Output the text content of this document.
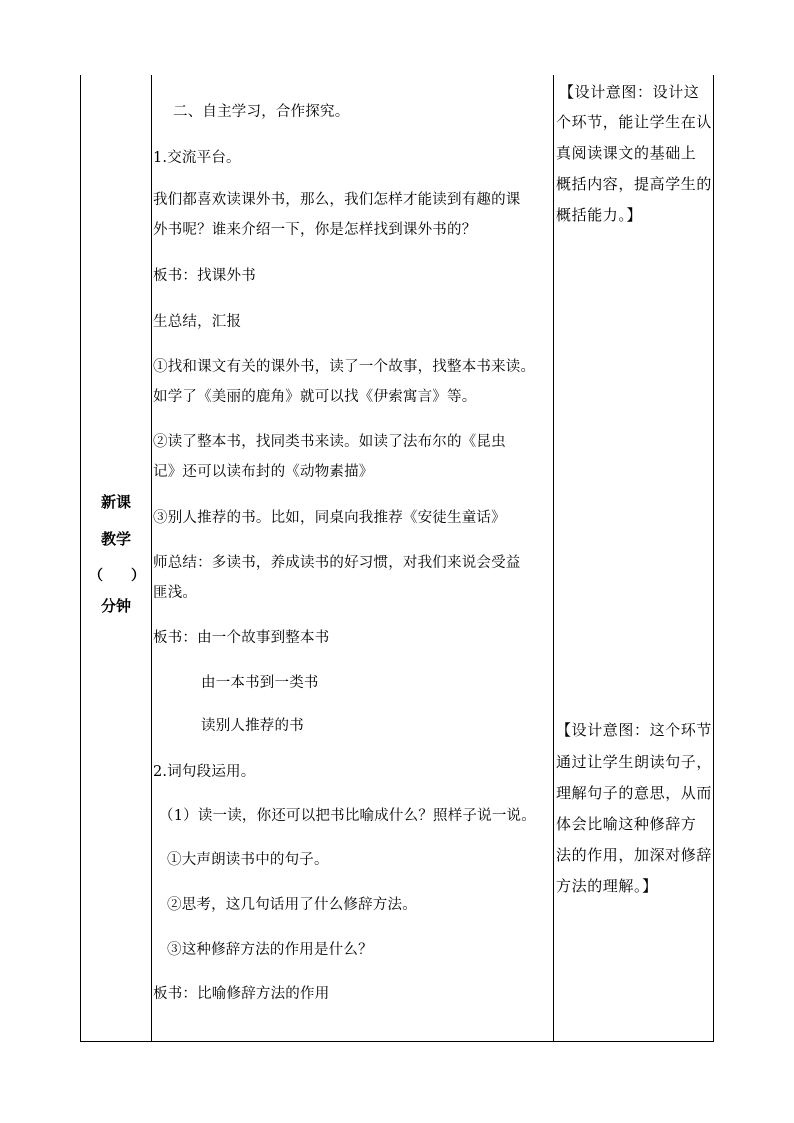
新课
教学
（ ）
分钟
二、自主学习，合作探究。
1.交流平台。
我们都喜欢读课外书，那么，我们怎样才能读到有趣的课
外书呢？谁来介绍一下，你是怎样找到课外书的？
板书：找课外书
生总结，汇报
①找和课文有关的课外书，读了一个故事，找整本书来读。
如学了《美丽的鹿角》就可以找《伊索寓言》等。
②读了整本书，找同类书来读。如读了法布尔的《昆虫
记》还可以读布封的《动物素描》
③别人推荐的书。比如，同桌向我推荐《安徒生童话》
师总结：多读书，养成读书的好习惯，对我们来说会受益
匪浅。
板书：由一个故事到整本书
由一本书到一类书
读别人推荐的书
2.词句段运用。
（1）读一读，你还可以把书比喻成什么？照样子说一说。
①大声朗读书中的句子。
②思考，这几句话用了什么修辞方法。
③这种修辞方法的作用是什么？
板书：比喻修辞方法的作用
【设计意图：设计这
个环节，能让学生在认
真阅读课文的基础上
概括内容，提高学生的
概括能力。】
【设计意图：这个环节
通过让学生朗读句子，
理解句子的意思，从而
体会比喻这种修辞方
法的作用，加深对修辞
方法的理解。】
